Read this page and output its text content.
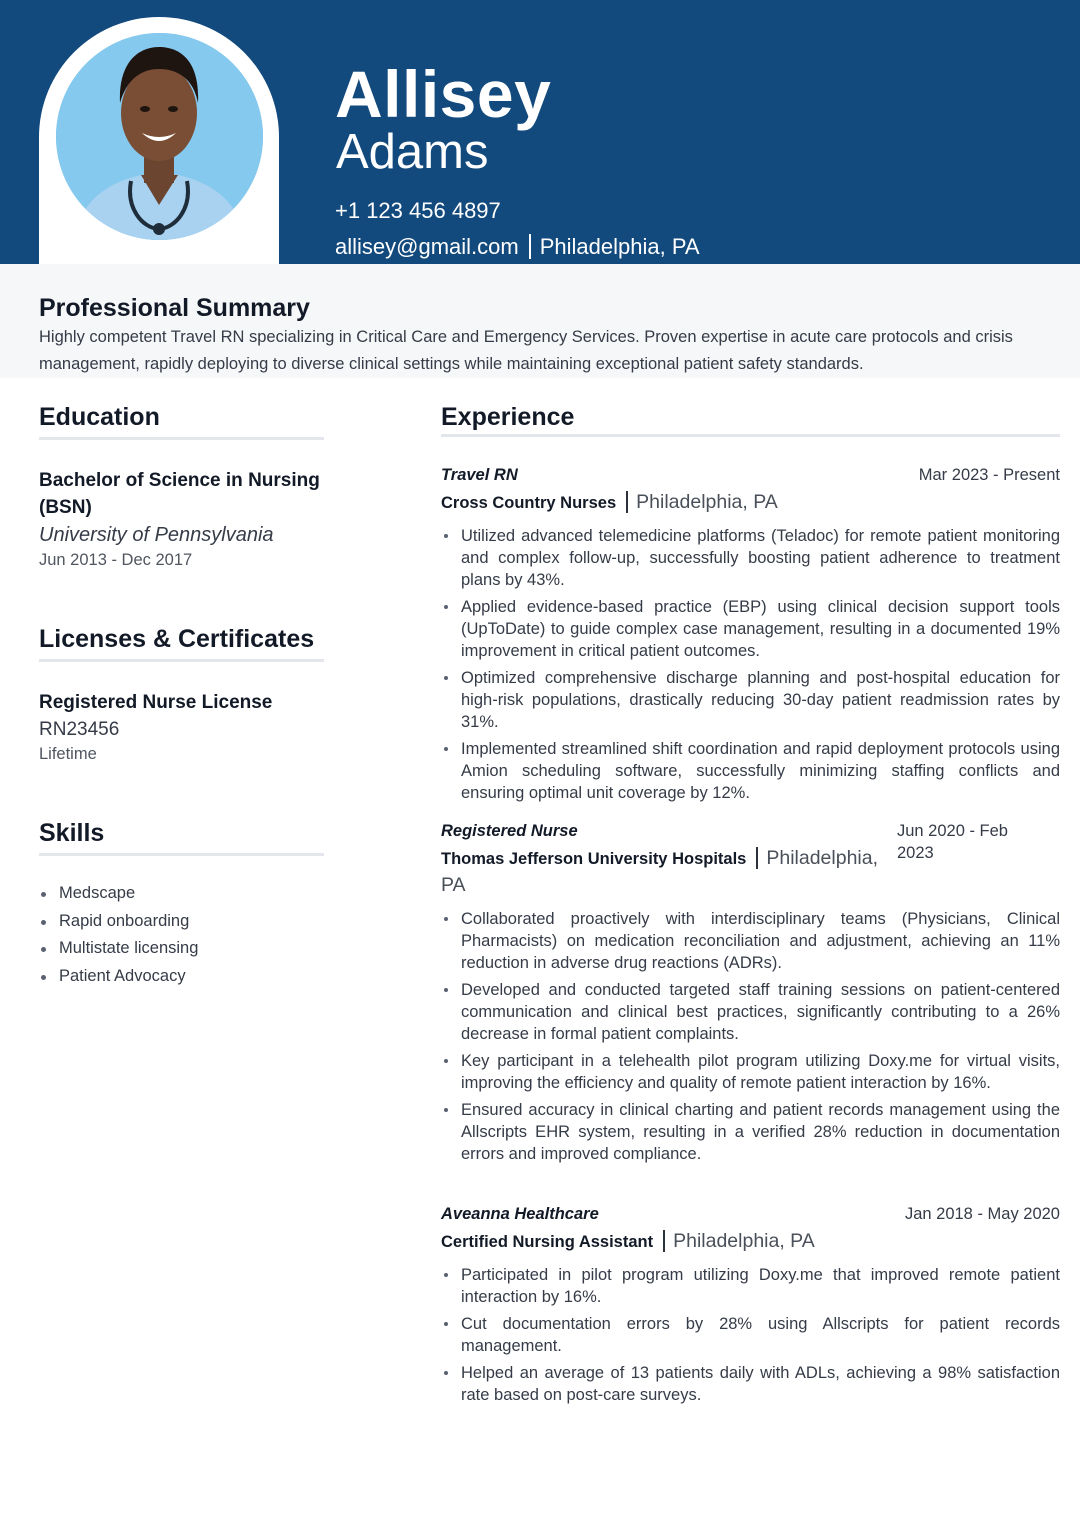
Allisey
Adams
+1 123 456 4897
allisey@gmail.com Philadelphia, PA
Professional Summary
Highly competent Travel RN specializing in Critical Care and Emergency Services. Proven expertise in acute care protocols and crisis management, rapidly deploying to diverse clinical settings while maintaining exceptional patient safety standards.
Education
Bachelor of Science in Nursing (BSN)
University of Pennsylvania
Jun 2013 - Dec 2017
Licenses & Certificates
Registered Nurse License
RN23456
Lifetime
Skills
Medscape
Rapid onboarding
Multistate licensing
Patient Advocacy
Experience
Travel RN	Mar 2023 - Present
Cross Country Nurses Philadelphia, PA
Utilized advanced telemedicine platforms (Teladoc) for remote patient monitoring and complex follow-up, successfully boosting patient adherence to treatment plans by 43%.
Applied evidence-based practice (EBP) using clinical decision support tools (UpToDate) to guide complex case management, resulting in a documented 19% improvement in critical patient outcomes.
Optimized comprehensive discharge planning and post-hospital education for high-risk populations, drastically reducing 30-day patient readmission rates by 31%.
Implemented streamlined shift coordination and rapid deployment protocols using Amion scheduling software, successfully minimizing staffing conflicts and ensuring optimal unit coverage by 12%.
Registered Nurse	Jun 2020 - Feb 2023
Thomas Jefferson University Hospitals Philadelphia, PA
Collaborated proactively with interdisciplinary teams (Physicians, Clinical Pharmacists) on medication reconciliation and adjustment, achieving an 11% reduction in adverse drug reactions (ADRs).
Developed and conducted targeted staff training sessions on patient-centered communication and clinical best practices, significantly contributing to a 26% decrease in formal patient complaints.
Key participant in a telehealth pilot program utilizing Doxy.me for virtual visits, improving the efficiency and quality of remote patient interaction by 16%.
Ensured accuracy in clinical charting and patient records management using the Allscripts EHR system, resulting in a verified 28% reduction in documentation errors and improved compliance.
Aveanna Healthcare	Jan 2018 - May 2020
Certified Nursing Assistant Philadelphia, PA
Participated in pilot program utilizing Doxy.me that improved remote patient interaction by 16%.
Cut documentation errors by 28% using Allscripts for patient records management.
Helped an average of 13 patients daily with ADLs, achieving a 98% satisfaction rate based on post-care surveys.
